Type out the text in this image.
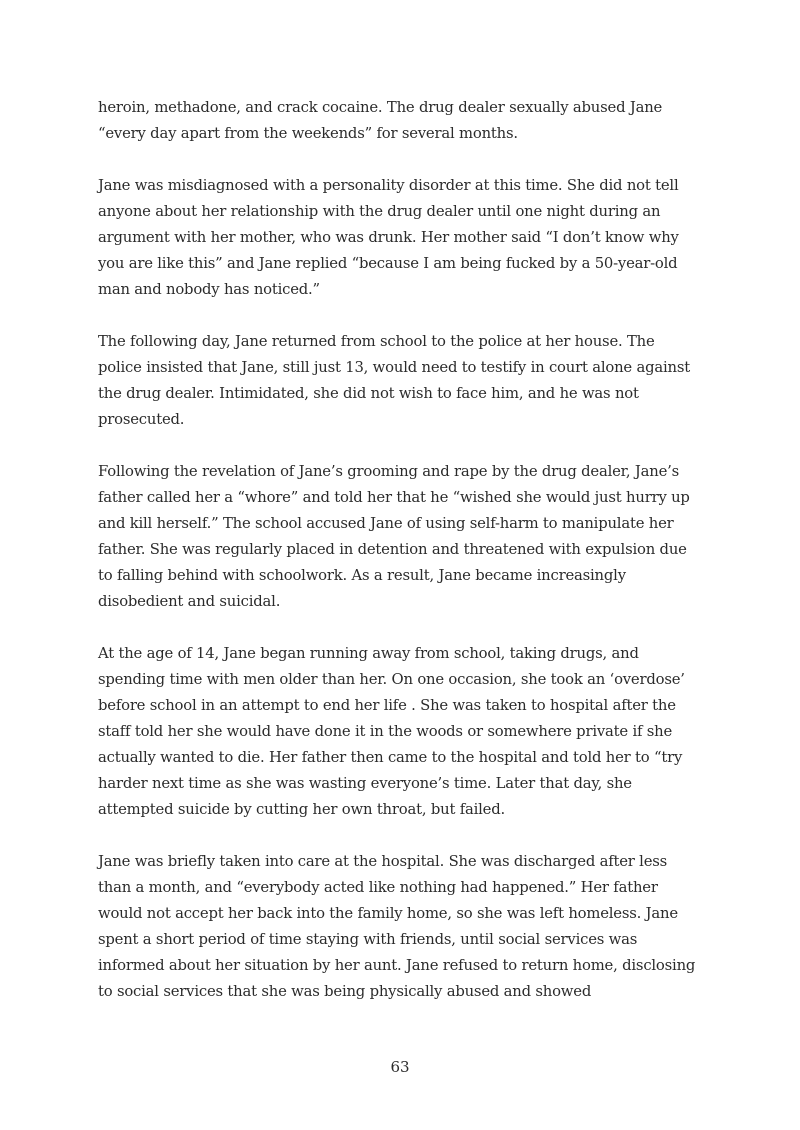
heroin, methadone, and crack cocaine. The drug dealer sexually abused Jane “every day apart from the weekends” for several months.

Jane was misdiagnosed with a personality disorder at this time. She did not tell anyone about her relationship with the drug dealer until one night during an argument with her mother, who was drunk. Her mother said “I don’t know why you are like this” and Jane replied “because I am being fucked by a 50-year-old man and nobody has noticed.”

The following day, Jane returned from school to the police at her house. The police insisted that Jane, still just 13, would need to testify in court alone against the drug dealer. Intimidated, she did not wish to face him, and he was not prosecuted.

Following the revelation of Jane’s grooming and rape by the drug dealer, Jane’s father called her a “whore” and told her that he “wished she would just hurry up and kill herself.” The school accused Jane of using self-harm to manipulate her father. She was regularly placed in detention and threatened with expulsion due to falling behind with schoolwork. As a result, Jane became increasingly disobedient and suicidal.

At the age of 14, Jane began running away from school, taking drugs, and spending time with men older than her. On one occasion, she took an ‘overdose’ before school in an attempt to end her life . She was taken to hospital after the staff told her she would have done it in the woods or somewhere private if she actually wanted to die. Her father then came to the hospital and told her to “try harder next time as she was wasting everyone’s time. Later that day, she attempted suicide by cutting her own throat, but failed.

Jane was briefly taken into care at the hospital. She was discharged after less than a month, and “everybody acted like nothing had happened.” Her father would not accept her back into the family home, so she was left homeless. Jane spent a short period of time staying with friends, until social services was informed about her situation by her aunt. Jane refused to return home, disclosing to social services that she was being physically abused and showed

63
